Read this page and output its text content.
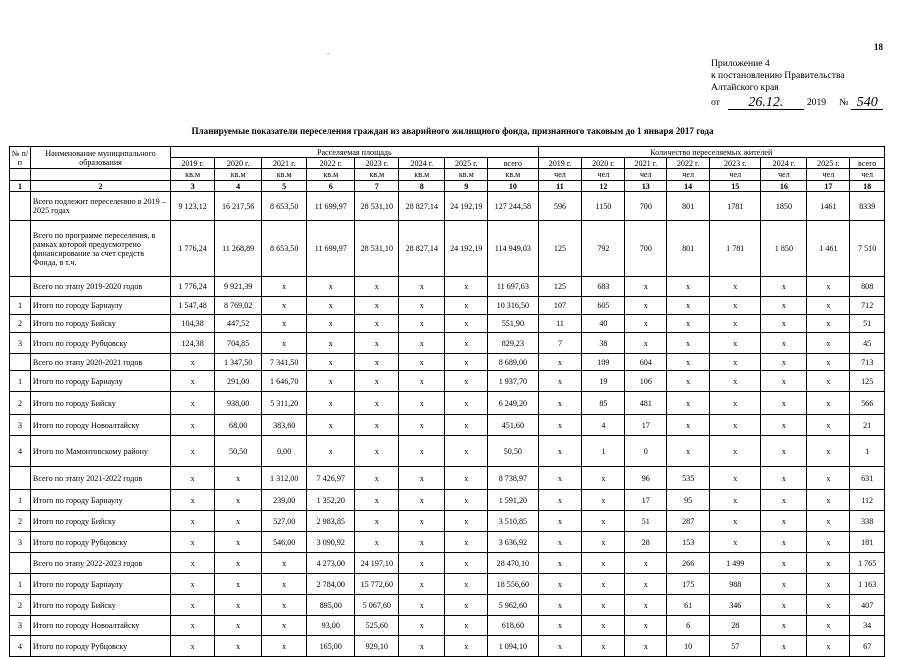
18
-
Приложение 4
к постановлению Правительства
Алтайского края
от	26.12.	2019 № 540
Планируемые показатели переселения граждан из аварийного жилищного фонда, признанного таковым до 1 января 2017 года
№ п/п	Наименование муниципального образования	Расселяемая площадь								Количество переселяемых жителей							
		2019 г.	2020 г.	2021 г.	2022 г.	2023 г.	2024 г.	2025 г.	всего	2019 г.	2020 г.	2021 г.	2022 г.	2023 г.	2024 г.	2025 г.	всего
		кв.м	кв.м	кв.м	кв.м	кв.м	кв.м	кв.м	кв.м	чел	чел	чел	чел	чел	чел	чел	чел
1	2	3	4	5	6	7	8	9	10	11	12	13	14	15	16	17	18
	Всего подлежит переселению в 2019 – 2025 годах	9 123,12	16 217,56	8 653,50	11 699,97	28 531,10	28 827,14	24 192,19	127 244,58	596	1150	700	801	1781	1850	1461	8339
	Всего по программе переселения, в рамках которой предусмотрено финансирование за счет средств Фонда, в т.ч.	1 776,24	11 268,89	8 653,50	11 699,97	28 531,10	28 827,14	24 192,19	114 949,03	125	792	700	801	1 781	1 850	1 461	7 510
	Всего по этапу 2019-2020 годов	1 776,24	9 921,39	x	x	x	x	x	11 697,63	125	683	x	x	x	x	x	808
1	Итого по городу Барнаулу	1 547,48	8 769,02	x	x	x	x	x	10 316,50	107	605	x	x	x	x	x	712
2	Итого по городу Бийску	104,38	447,52	x	x	x	x	x	551,90	11	40	x	x	x	x	x	51
3	Итого по городу Рубцовску	124,38	704,85	x	x	x	x	x	829,23	7	38	x	x	x	x	x	45
	Всего по этапу 2020-2021 годов	x	1 347,50	7 341,50	x	x	x	x	8 689,00	x	109	604	x	x	x	x	713
1	Итого по городу Барнаулу	x	291,00	1 646,70	x	x	x	x	1 937,70	x	19	106	x	x	x	x	125
2	Итого по городу Бийску	x	938,00	5 311,20	x	x	x	x	6 249,20	x	85	481	x	x	x	x	566
3	Итого по городу Новоалтайску	x	68,00	383,60	x	x	x	x	451,60	x	4	17	x	x	x	x	21
4	Итого по Мамонтовскому району	x	50,50	0,00	x	x	x	x	50,50	x	1	0	x	x	x	x	1
	Всего по этапу 2021-2022 годов	x	x	1 312,00	7 426,97	x	x	x	8 738,97	x	x	96	535	x	x	x	631
1	Итого по городу Барнаулу	x	x	239,00	1 352,20	x	x	x	1 591,20	x	x	17	95	x	x	x	112
2	Итого по городу Бийску	x	x	527,00	2 983,85	x	x	x	3 510,85	x	x	51	287	x	x	x	338
3	Итого по городу Рубцовску	x	x	546,00	3 090,92	x	x	x	3 636,92	x	x	28	153	x	x	x	181
	Всего по этапу 2022-2023 годов	x	x	x	4 273,00	24 197,10	x	x	28 470,10	x	x	x	266	1 499	x	x	1 765
1	Итого по городу Барнаулу	x	x	x	2 784,00	15 772,60	x	x	18 556,60	x	x	x	175	988	x	x	1 163
2	Итого по городу Бийску	x	x	x	895,00	5 067,60	x	x	5 962,60	x	x	x	61	346	x	x	407
3	Итого по городу Новоалтайску	x	x	x	93,00	525,60	x	x	618,60	x	x	x	6	28	x	x	34
4	Итого по городу Рубцовску	x	x	x	165,00	929,10	x	x	1 094,10	x	x	x	10	57	x	x	67
